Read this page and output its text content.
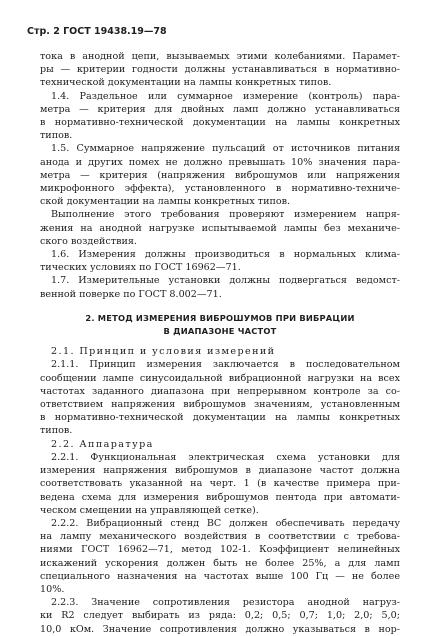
Стр. 2 ГОСТ 19438.19—78
тока в анодной цепи, вызываемых этими колебаниями. Парамет-
ры — критерии годности должны устанавливаться в нормативно-
технической документации на лампы конкретных типов.
1.4. Раздельное или суммарное измерение (контроль) пара-
метра — критерия для двойных ламп должно устанавливаться
в нормативно-технической документации на лампы конкретных
типов.
1.5. Суммарное напряжение пульсаций от источников питания
анода и других помех не должно превышать 10% значения пара-
метра — критерия (напряжения виброшумов или напряжения
микрофонного эффекта), установленного в нормативно-техниче-
ской документации на лампы конкретных типов.
Выполнение этого требования проверяют измерением напря-
жения на анодной нагрузке испытываемой лампы без механиче-
ского воздействия.
1.6. Измерения должны производиться в нормальных клима-
тических условиях по ГОСТ 16962—71.
1.7. Измерительные установки должны подвергаться ведомст-
венной поверке по ГОСТ 8.002—71.
2. МЕТОД ИЗМЕРЕНИЯ ВИБРОШУМОВ ПРИ ВИБРАЦИИ
В ДИАПАЗОНЕ ЧАСТОТ
2.1. Принцип и условия измерений
2.1.1. Принцип измерения заключается в последовательном
сообщении лампе синусоидальной вибрационной нагрузки на всех
частотах заданного диапазона при непрерывном контроле за со-
ответствием напряжения виброшумов значениям, установленным
в нормативно-технической документации на лампы конкретных
типов.
2.2. Аппаратура
2.2.1. Функциональная электрическая схема установки для
измерения напряжения виброшумов в диапазоне частот должна
соответствовать указанной на черт. 1 (в качестве примера при-
ведена схема для измерения виброшумов пентода при автомати-
ческом смещении на управляющей сетке).
2.2.2. Вибрационный стенд ВС должен обеспечивать передачу
на лампу механического воздействия в соответствии с требова-
ниями ГОСТ 16962—71, метод 102-1. Коэффициент нелинейных
искажений ускорения должен быть не более 25%, а для ламп
специального назначения на частотах выше 100 Гц — не более
10%.
2.2.3. Значение сопротивления резистора анодной нагруз-
ки R2 следует выбирать из ряда: 0,2; 0,5; 0,7; 1,0; 2,0; 5,0;
10,0 кОм. Значение сопротивления должно указываться в нор-
